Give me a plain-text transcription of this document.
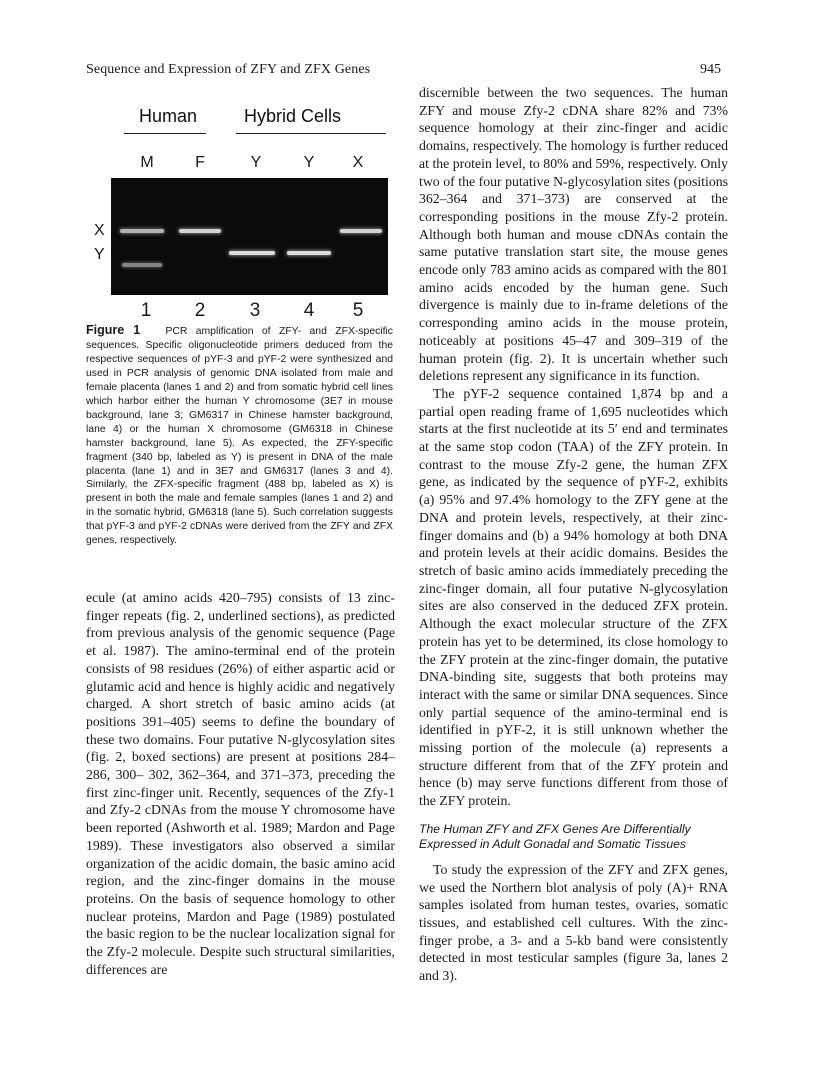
Sequence and Expression of ZFY and ZFX Genes	945
Human	Hybrid Cells
M	F	Y	Y	X
X
Y
1	2	3	4	5
Figure 1 PCR amplification of ZFY- and ZFX-specific sequences. Specific oligonucleotide primers deduced from the respective sequences of pYF-3 and pYF-2 were synthesized and used in PCR analysis of genomic DNA isolated from male and female placenta (lanes 1 and 2) and from somatic hybrid cell lines which harbor either the human Y chromosome (3E7 in mouse background, lane 3; GM6317 in Chinese hamster background, lane 4) or the human X chromosome (GM6318 in Chinese hamster background, lane 5). As expected, the ZFY-specific fragment (340 bp, labeled as Y) is present in DNA of the male placenta (lane 1) and in 3E7 and GM6317 (lanes 3 and 4). Similarly, the ZFX-specific fragment (488 bp, labeled as X) is present in both the male and female samples (lanes 1 and 2) and in the somatic hybrid, GM6318 (lane 5). Such correlation suggests that pYF-3 and pYF-2 cDNAs were derived from the ZFY and ZFX genes, respectively.

ecule (at amino acids 420–795) consists of 13 zinc-finger repeats (fig. 2, underlined sections), as predicted from previous analysis of the genomic sequence (Page et al. 1987). The amino-terminal end of the protein consists of 98 residues (26%) of either aspartic acid or glutamic acid and hence is highly acidic and negatively charged. A short stretch of basic amino acids (at positions 391–405) seems to define the boundary of these two domains. Four putative N-glycosylation sites (fig. 2, boxed sections) are present at positions 284–286, 300– 302, 362–364, and 371–373, preceding the first zinc-finger unit. Recently, sequences of the Zfy-1 and Zfy-2 cDNAs from the mouse Y chromosome have been reported (Ashworth et al. 1989; Mardon and Page 1989). These investigators also observed a similar organization of the acidic domain, the basic amino acid region, and the zinc-finger domains in the mouse proteins. On the basis of sequence homology to other nuclear proteins, Mardon and Page (1989) postulated the basic region to be the nuclear localization signal for the Zfy-2 molecule. Despite such structural similarities, differences are

discernible between the two sequences. The human ZFY and mouse Zfy-2 cDNA share 82% and 73% sequence homology at their zinc-finger and acidic domains, respectively. The homology is further reduced at the protein level, to 80% and 59%, respectively. Only two of the four putative N-glycosylation sites (positions 362–364 and 371–373) are conserved at the corresponding positions in the mouse Zfy-2 protein. Although both human and mouse cDNAs contain the same putative translation start site, the mouse genes encode only 783 amino acids as compared with the 801 amino acids encoded by the human gene. Such divergence is mainly due to in-frame deletions of the corresponding amino acids in the mouse protein, noticeably at positions 45–47 and 309–319 of the human protein (fig. 2). It is uncertain whether such deletions represent any significance in its function.

The pYF-2 sequence contained 1,874 bp and a partial open reading frame of 1,695 nucleotides which starts at the first nucleotide at its 5′ end and terminates at the same stop codon (TAA) of the ZFY protein. In contrast to the mouse Zfy-2 gene, the human ZFX gene, as indicated by the sequence of pYF-2, exhibits (a) 95% and 97.4% homology to the ZFY gene at the DNA and protein levels, respectively, at their zinc-finger domains and (b) a 94% homology at both DNA and protein levels at their acidic domains. Besides the stretch of basic amino acids immediately preceding the zinc-finger domain, all four putative N-glycosylation sites are also conserved in the deduced ZFX protein. Although the exact molecular structure of the ZFX protein has yet to be determined, its close homology to the ZFY protein at the zinc-finger domain, the putative DNA-binding site, suggests that both proteins may interact with the same or similar DNA sequences. Since only partial sequence of the amino-terminal end is identified in pYF-2, it is still unknown whether the missing portion of the molecule (a) represents a structure different from that of the ZFY protein and hence (b) may serve functions different from those of the ZFY protein.

The Human ZFY and ZFX Genes Are Differentially Expressed in Adult Gonadal and Somatic Tissues

To study the expression of the ZFY and ZFX genes, we used the Northern blot analysis of poly (A)+ RNA samples isolated from human testes, ovaries, somatic tissues, and established cell cultures. With the zinc-finger probe, a 3- and a 5-kb band were consistently detected in most testicular samples (figure 3a, lanes 2 and 3).
